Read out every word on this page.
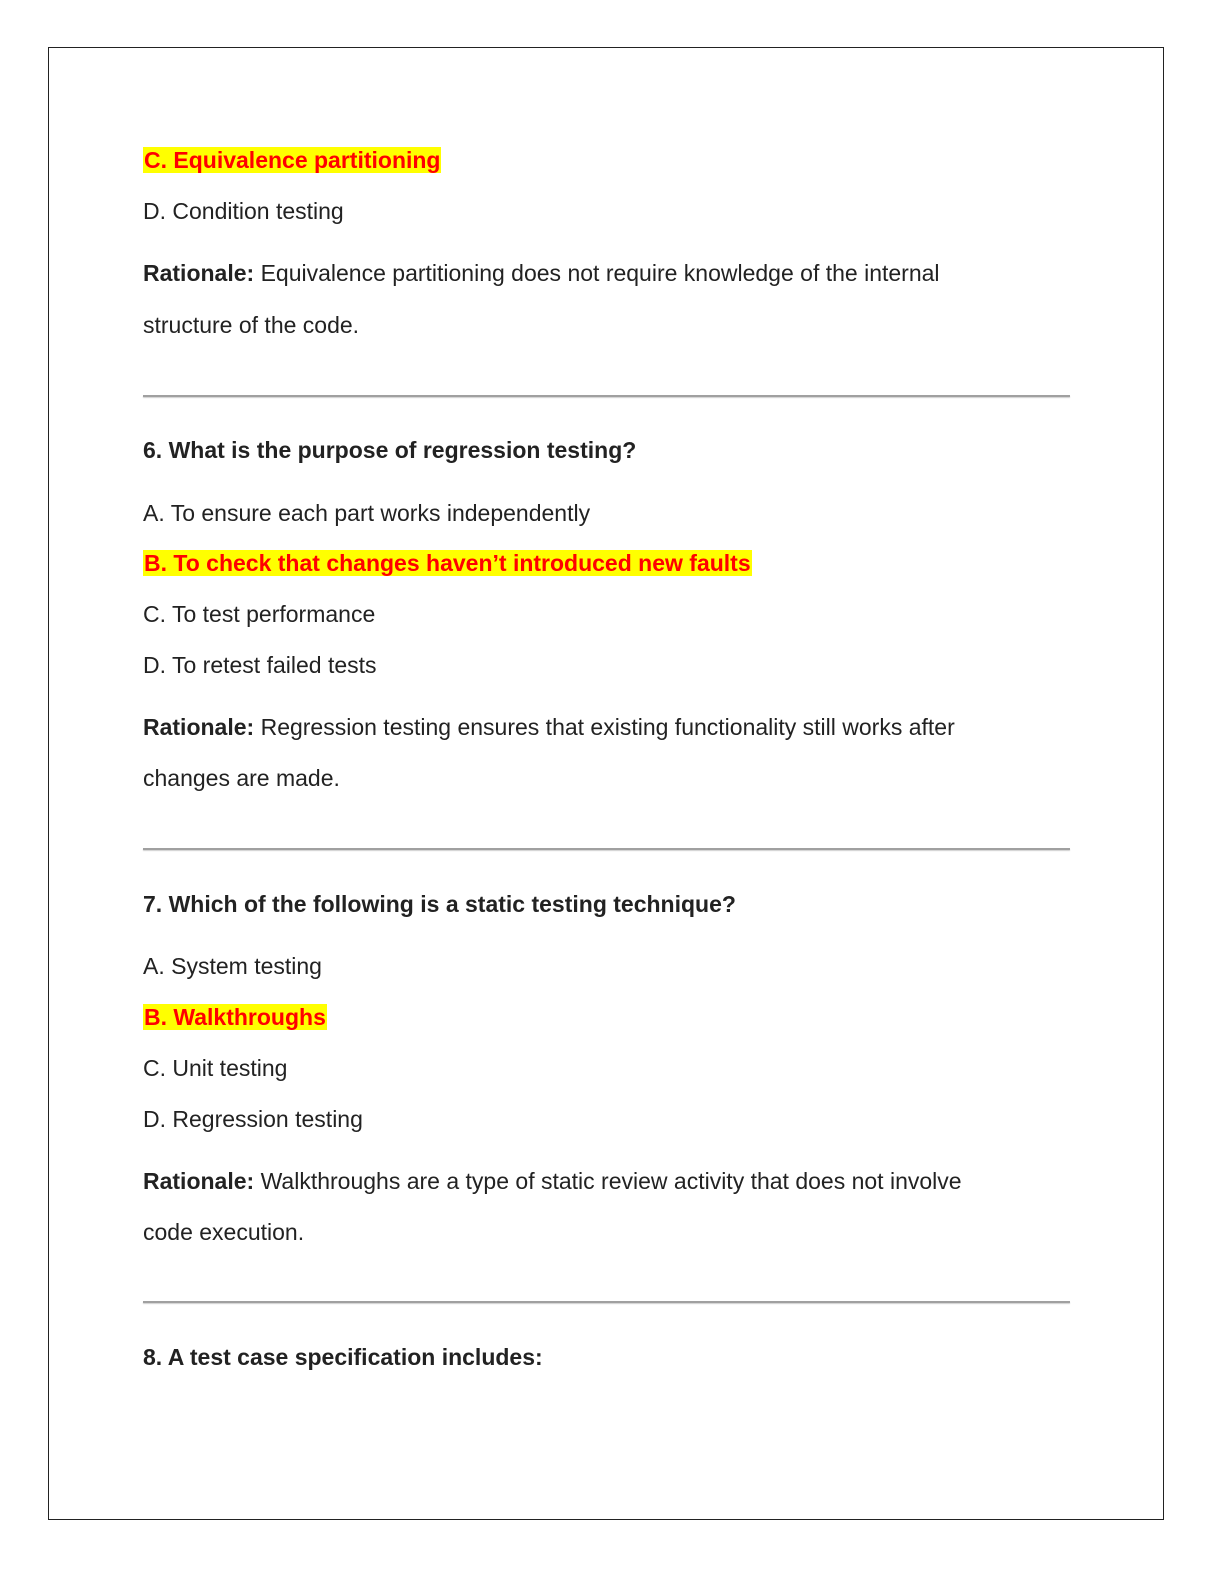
C. Equivalence partitioning
D. Condition testing
Rationale: Equivalence partitioning does not require knowledge of the internal
structure of the code.
6. What is the purpose of regression testing?
A. To ensure each part works independently
B. To check that changes haven’t introduced new faults
C. To test performance
D. To retest failed tests
Rationale: Regression testing ensures that existing functionality still works after
changes are made.
7. Which of the following is a static testing technique?
A. System testing
B. Walkthroughs
C. Unit testing
D. Regression testing
Rationale: Walkthroughs are a type of static review activity that does not involve
code execution.
8. A test case specification includes:
